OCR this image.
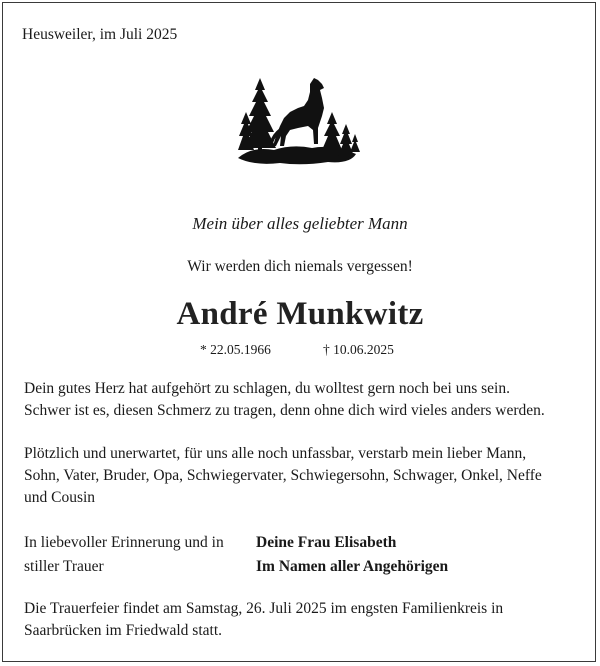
Heusweiler, im Juli 2025
Mein über alles geliebter Mann
Wir werden dich niemals vergessen!
André Munkwitz
* 22.05.1966	† 10.06.2025
Dein gutes Herz hat aufgehört zu schlagen, du wolltest gern noch bei uns sein.
Schwer ist es, diesen Schmerz zu tragen, denn ohne dich wird vieles anders werden.
Plötzlich und unerwartet, für uns alle noch unfassbar, verstarb mein lieber Mann,
Sohn, Vater, Bruder, Opa, Schwiegervater, Schwiegersohn, Schwager, Onkel, Neffe
und Cousin
In liebevoller Erinnerung und in
stiller Trauer
Deine Frau Elisabeth
Im Namen aller Angehörigen
Die Trauerfeier findet am Samstag, 26. Juli 2025 im engsten Familienkreis in
Saarbrücken im Friedwald statt.
